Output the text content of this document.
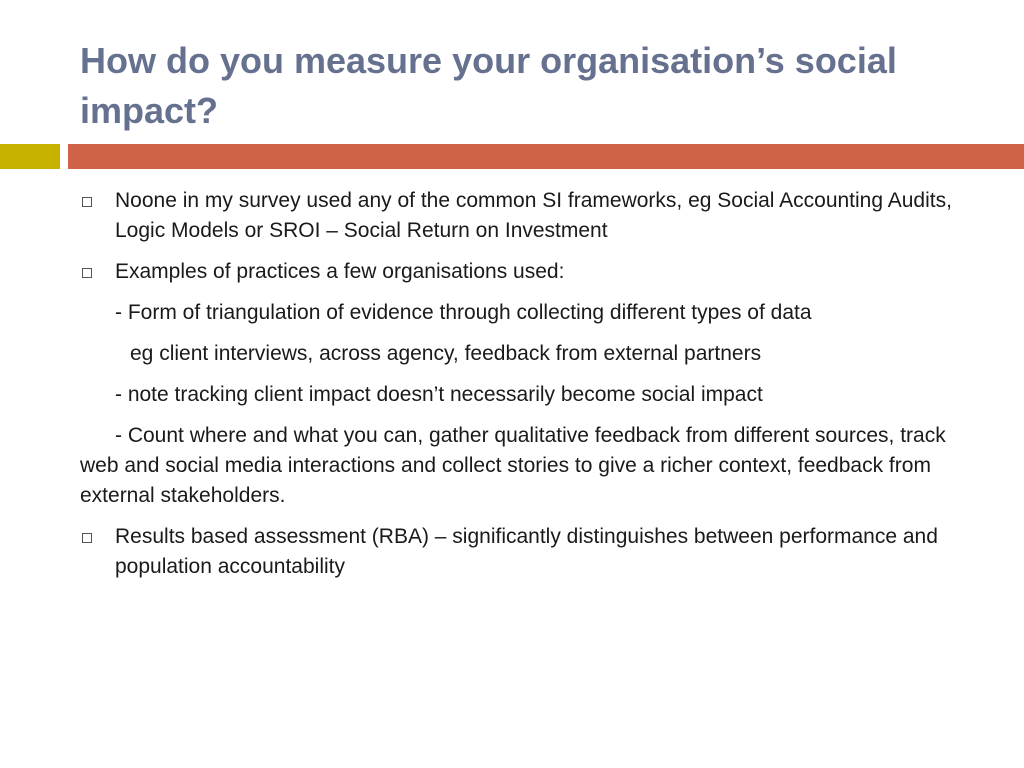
How do you measure your organisation’s social impact?
Noone in my survey used any of the common SI frameworks, eg Social Accounting Audits, Logic Models or SROI – Social Return on Investment
Examples of practices a few organisations used:
- Form of triangulation of evidence through collecting different types of data
eg client interviews, across agency, feedback from external partners
- note tracking client impact doesn’t necessarily become social impact
- Count where and what you can, gather qualitative feedback from different sources, track web and social media interactions and collect stories to give a richer context, feedback from external stakeholders.
Results based assessment (RBA) – significantly distinguishes between performance and population accountability
